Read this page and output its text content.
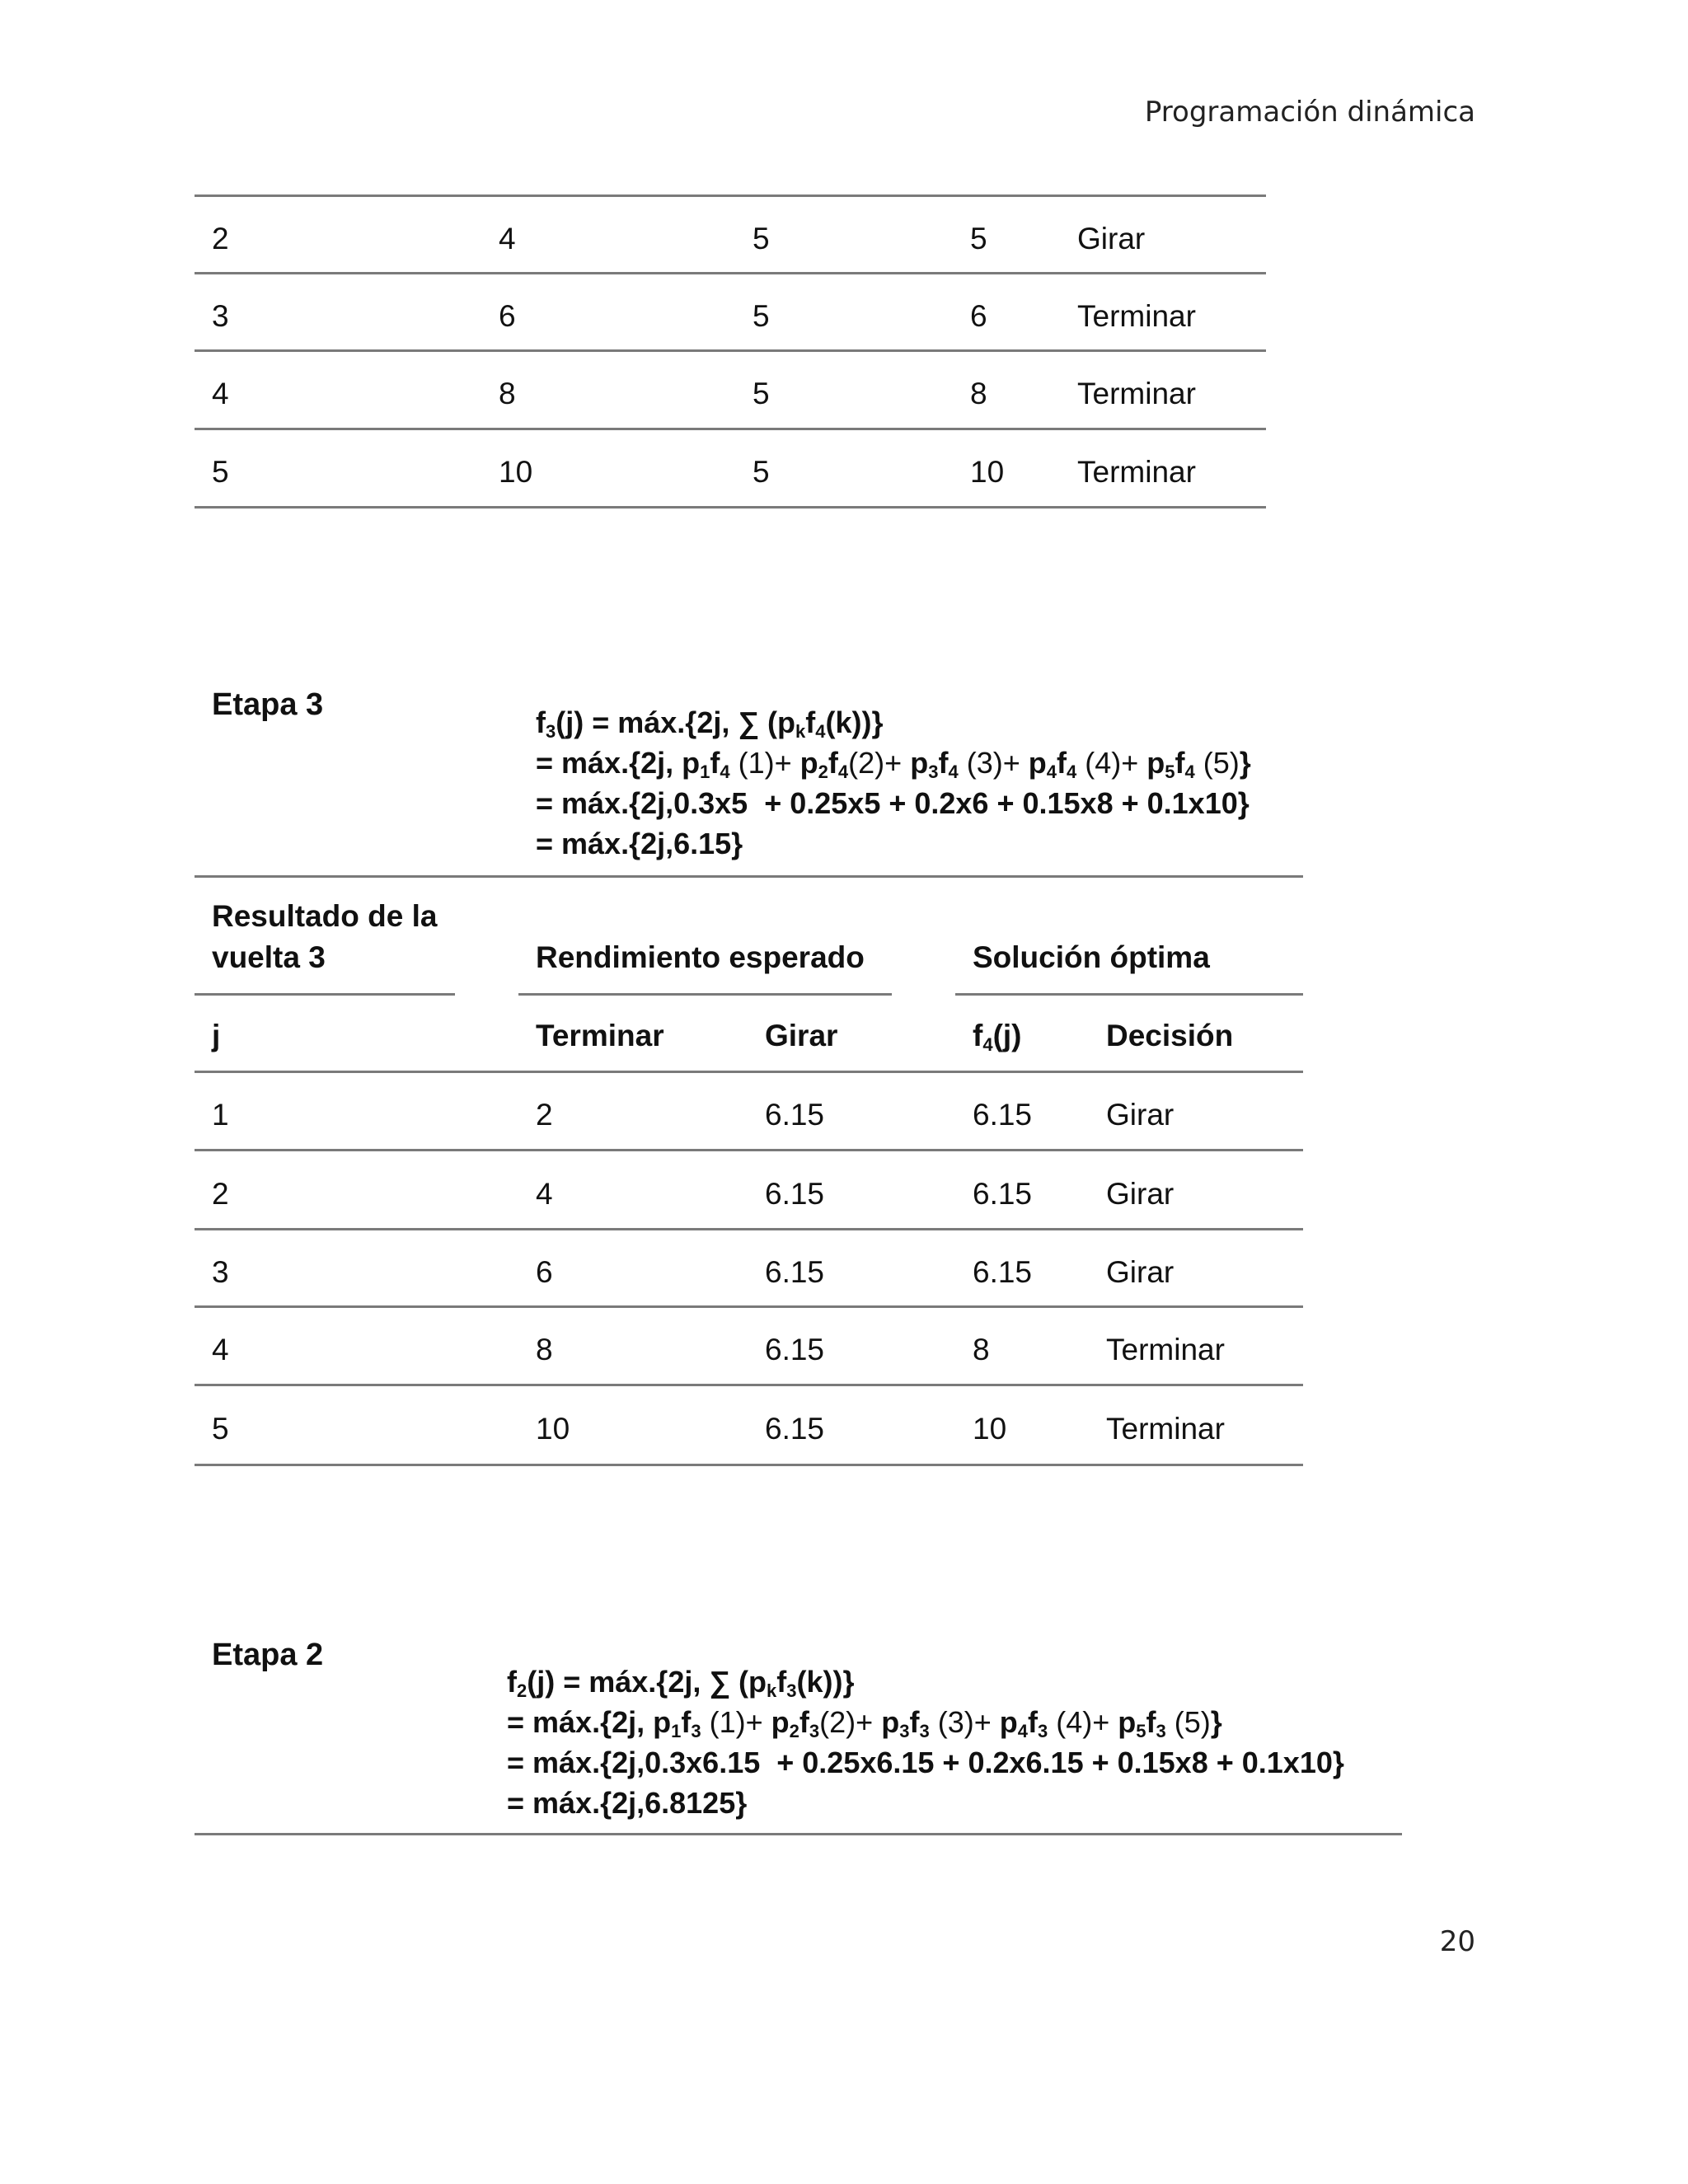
Programación dinámica
2	4	5	5	Girar
3	6	5	6	Terminar
4	8	5	8	Terminar
5	10	5	10 Terminar
Etapa 3
$f_3(j)$ = máx.{2j, ∑ $(p_kf_4(k))$}
= máx.{2j, $p_1f_4$ $(1)+ p_2f_4(2)+ p_3f_4$ $(3)+ p_4f_4$ $(4)+ p_5f_4$ (5)}
= máx.{2j,0.3x5  + 0.25x5 + 0.2x6 + 0.15x8 + 0.1x10}
= máx.{2j,6.15}
Resultado de la
vuelta 3	Rendimiento esperado	Solución óptima
j	Terminar	Girar	$f_4(j)$	Decisión
1	2	6.15	6.15 Girar
2	4	6.15	6.15 Girar
3	6	6.15	6.15 Girar
4	8	6.15	8	Terminar
5	10	6.15	10	Terminar
Etapa 2
$f_2(j)$ = máx.{2j, ∑ $(p_kf_3(k))$}
= máx.{2j, $p_1f_3$ $(1)+ p_2f_3(2)+ p_3f_3$ $(3)+ p_4f_3$ $(4)+ p_5f_3$ (5)}
= máx.{2j,0.3x6.15  + 0.25x6.15 + 0.2x6.15 + 0.15x8 + 0.1x10}
= máx.{2j,6.8125}
20
